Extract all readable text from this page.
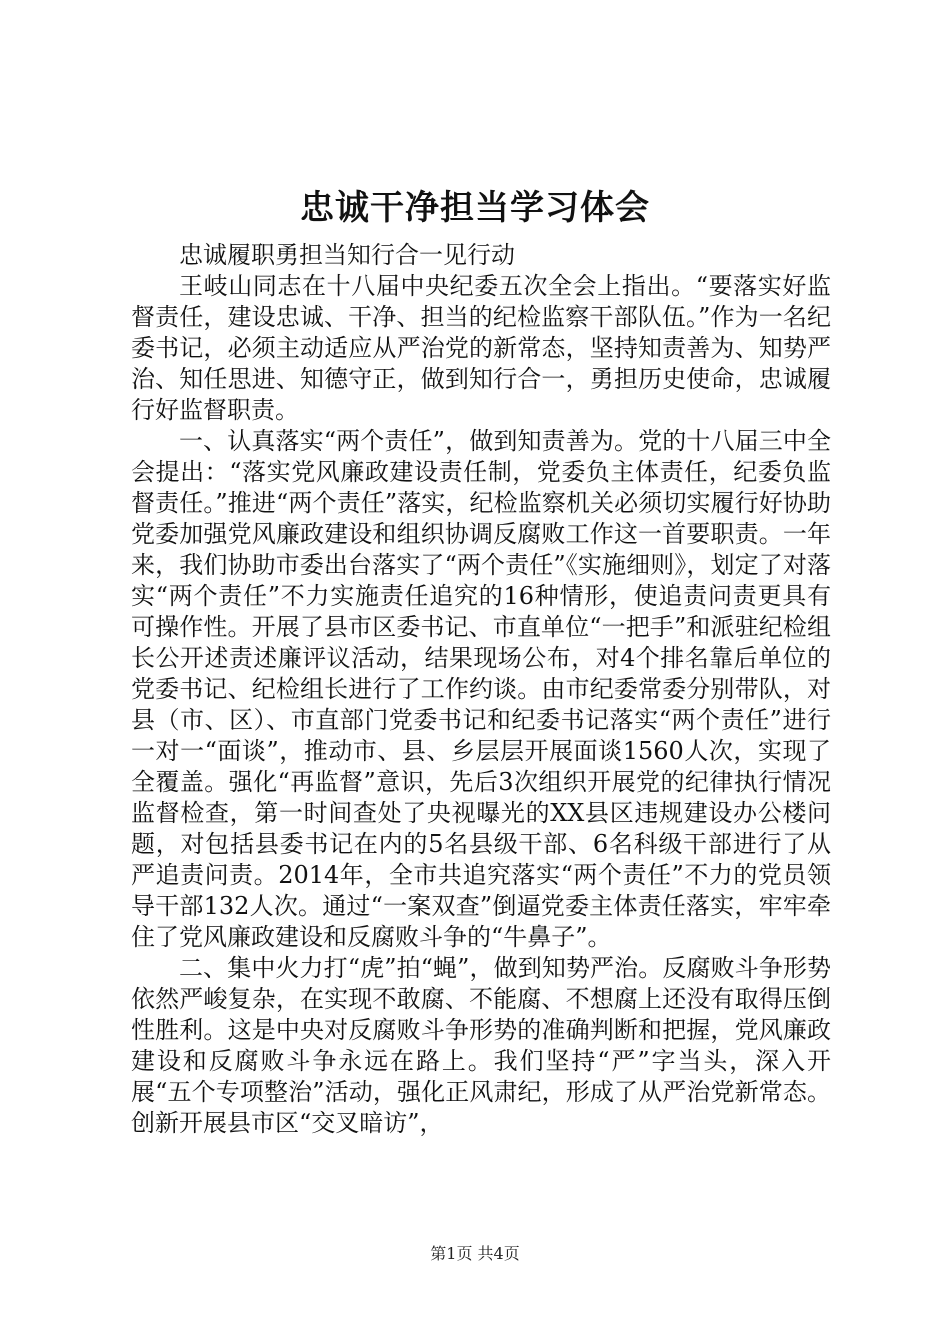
忠诚干净担当学习体会

忠诚履职勇担当知行合一见行动

王岐山同志在十八届中央纪委五次全会上指出。“要落实好监督责任，建设忠诚、干净、担当的纪检监察干部队伍。”作为一名纪委书记，必须主动适应从严治党的新常态，坚持知责善为、知势严治、知任思进、知德守正，做到知行合一，勇担历史使命，忠诚履行好监督职责。

一、认真落实“两个责任”，做到知责善为。党的十八届三中全会提出：“落实党风廉政建设责任制，党委负主体责任，纪委负监督责任。”推进“两个责任”落实，纪检监察机关必须切实履行好协助党委加强党风廉政建设和组织协调反腐败工作这一首要职责。一年来，我们协助市委出台落实了“两个责任”《实施细则》，划定了对落实“两个责任”不力实施责任追究的16种情形，使追责问责更具有可操作性。开展了县市区委书记、市直单位“一把手”和派驻纪检组长公开述责述廉评议活动，结果现场公布，对4个排名靠后单位的党委书记、纪检组长进行了工作约谈。由市纪委常委分别带队，对县（市、区）、市直部门党委书记和纪委书记落实“两个责任”进行一对一“面谈”，推动市、县、乡层层开展面谈1560人次，实现了全覆盖。强化“再监督”意识，先后3次组织开展党的纪律执行情况监督检查，第一时间查处了央视曝光的XX县区违规建设办公楼问题，对包括县委书记在内的5名县级干部、6名科级干部进行了从严追责问责。2014年，全市共追究落实“两个责任”不力的党员领导干部132人次。通过“一案双查”倒逼党委主体责任落实，牢牢牵住了党风廉政建设和反腐败斗争的“牛鼻子”。

二、集中火力打“虎”拍“蝇”，做到知势严治。反腐败斗争形势依然严峻复杂，在实现不敢腐、不能腐、不想腐上还没有取得压倒性胜利。这是中央对反腐败斗争形势的准确判断和把握，党风廉政建设和反腐败斗争永远在路上。我们坚持“严”字当头，深入开展“五个专项整治”活动，强化正风肃纪，形成了从严治党新常态。创新开展县市区“交叉暗访”，

第1页 共4页
